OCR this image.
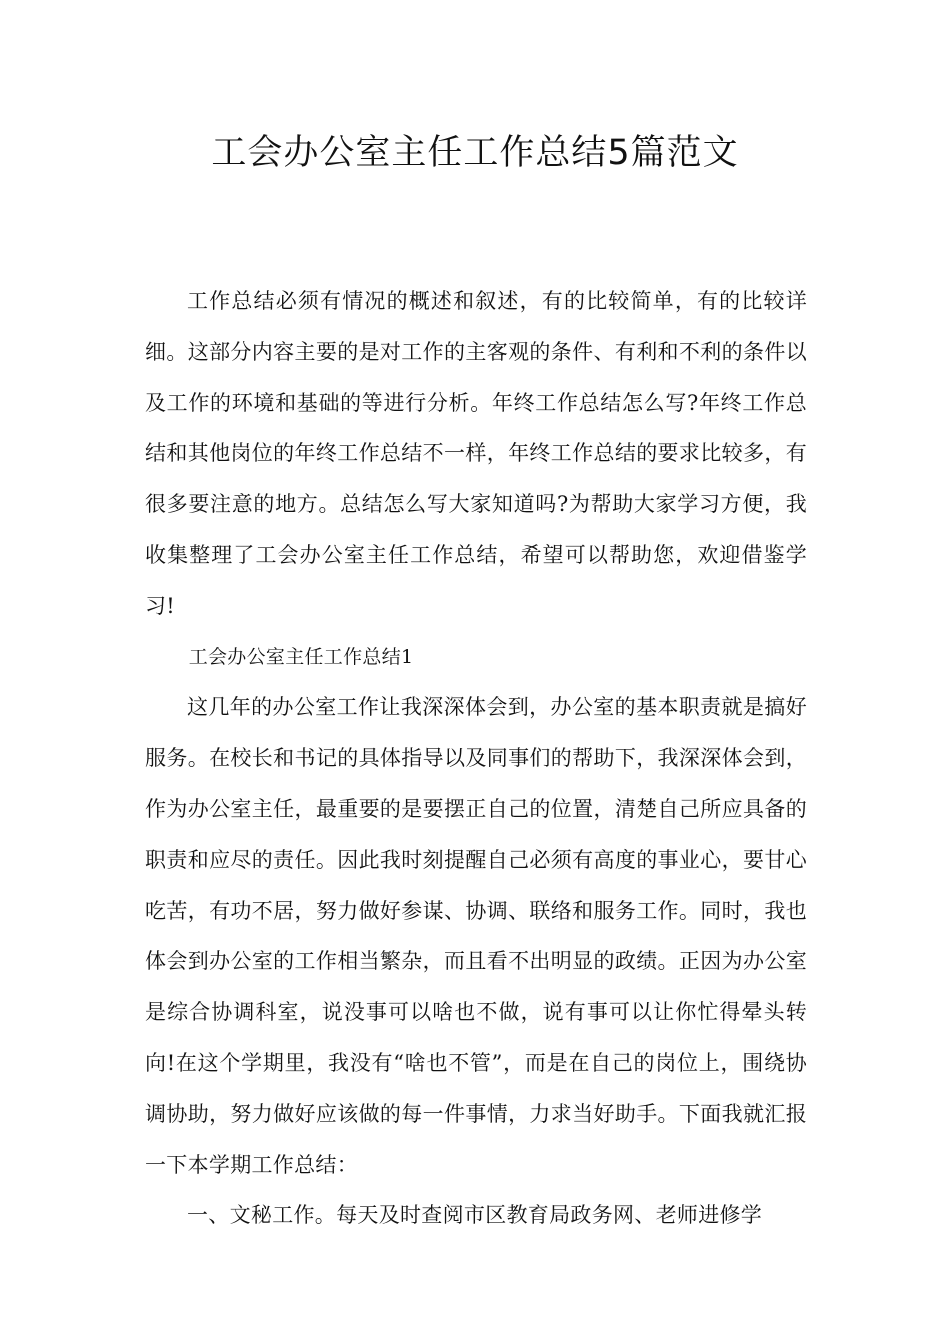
工会办公室主任工作总结5篇范文

工作总结必须有情况的概述和叙述，有的比较简单，有的比较详细。这部分内容主要的是对工作的主客观的条件、有利和不利的条件以及工作的环境和基础的等进行分析。年终工作总结怎么写?年终工作总结和其他岗位的年终工作总结不一样，年终工作总结的要求比较多，有很多要注意的地方。总结怎么写大家知道吗?为帮助大家学习方便，我收集整理了工会办公室主任工作总结，希望可以帮助您，欢迎借鉴学习!

工会办公室主任工作总结1

这几年的办公室工作让我深深体会到，办公室的基本职责就是搞好服务。在校长和书记的具体指导以及同事们的帮助下，我深深体会到，作为办公室主任，最重要的是要摆正自己的位置，清楚自己所应具备的职责和应尽的责任。因此我时刻提醒自己必须有高度的事业心，要甘心吃苦，有功不居，努力做好参谋、协调、联络和服务工作。同时，我也体会到办公室的工作相当繁杂，而且看不出明显的政绩。正因为办公室是综合协调科室，说没事可以啥也不做，说有事可以让你忙得晕头转向!在这个学期里，我没有“啥也不管”，而是在自己的岗位上，围绕协调协助，努力做好应该做的每一件事情，力求当好助手。下面我就汇报一下本学期工作总结：

一、文秘工作。每天及时查阅市区教育局政务网、老师进修学
